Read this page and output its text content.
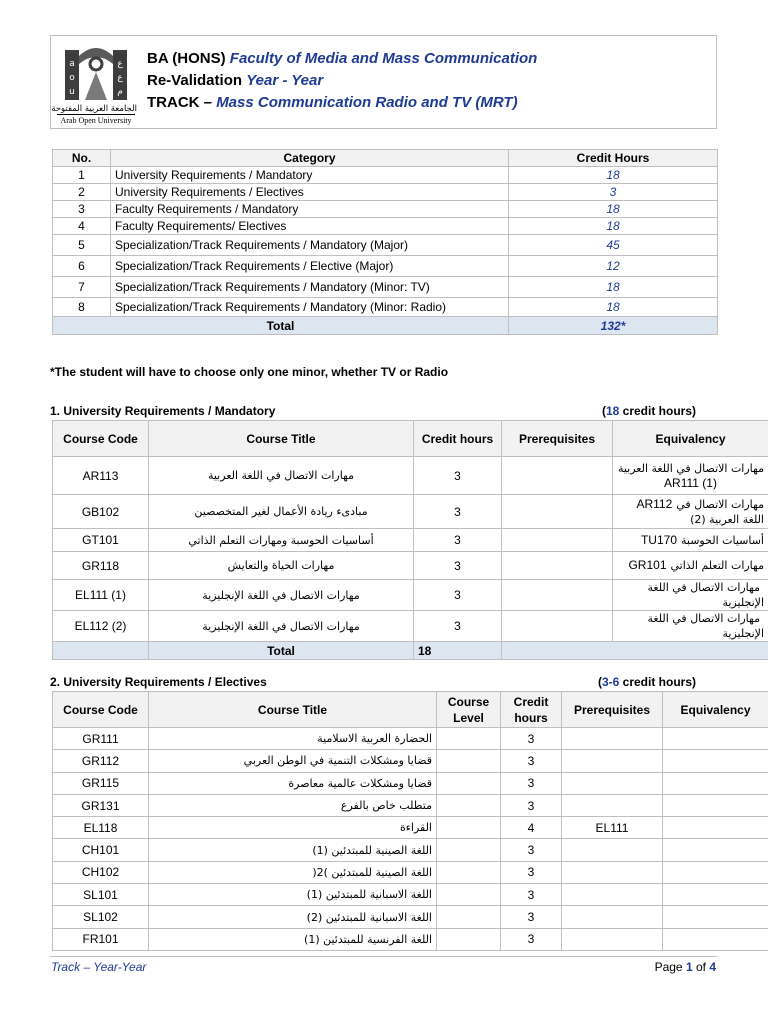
a
o
u
ع
ع
م
الجامعة العربية المفتوحة
Arab Open University
BA (HONS) Faculty of Media and Mass Communication
Re-Validation Year - Year
TRACK – Mass Communication Radio and TV (MRT)
No.	Category	Credit Hours
1	University Requirements / Mandatory	18
2	University Requirements / Electives	3
3	Faculty Requirements / Mandatory	18
4	Faculty Requirements/ Electives	18
5	Specialization/Track Requirements / Mandatory (Major)	45
6	Specialization/Track Requirements / Elective (Major)	12
7	Specialization/Track Requirements / Mandatory (Minor: TV)	18
8	Specialization/Track Requirements / Mandatory (Minor: Radio)	18
Total		132*
*The student will have to choose only one minor, whether TV or Radio
1. University Requirements / Mandatory	(18 credit hours)
Course Code	Course Title	Credit hours	Prerequisites	Equivalency
AR113	مهارات الاتصال في اللغة العربية	3		مهارات الاتصال في اللغة العربية
AR111 (1)

GB102	مبادىء ريادة الأعمال لغير المتخصصين	3		AR112 مهارات الاتصال في اللغة العربية (2)
GT101	أساسيات الحوسبة ومهارات التعلم الذاتي	3		TU170 أساسيات الحوسبة
GR118	مهارات الحياة والتعايش	3		GR101 مهارات التعلم الذاتي
EL111 (1)	مهارات الاتصال في اللغة الإنجليزية	3		مهارات الاتصال في اللغة الإنجليزية
EL112 (2)	مهارات الاتصال في اللغة الإنجليزية	3		مهارات الاتصال في اللغة الإنجليزية
	Total	18		
2. University Requirements / Electives	(3-6 credit hours)
Course Code	Course Title	Course Level	Credit hours	Prerequisites	Equivalency
GR111	الحضارة العربية الاسلامية		3		
GR112	قضايا ومشكلات التنمية في الوطن العربي		3		
GR115	قضايا ومشكلات عالمية معاصرة		3		
GR131	متطلب خاص بالفرع		3		
EL118	القراءة		4	EL111	
CH101	اللغة الصينية للمبتدئين (1)		3		
CH102	اللغة الصينية للمبتدئين )2(		3		
SL101	اللغة الاسبانية للمبتدئين (1)		3		
SL102	اللغة الاسبانية للمبتدئين (2)		3		
FR101	اللغة الفرنسية للمبتدئين (1)		3		
Track – Year-Year	Page 1 of 4
